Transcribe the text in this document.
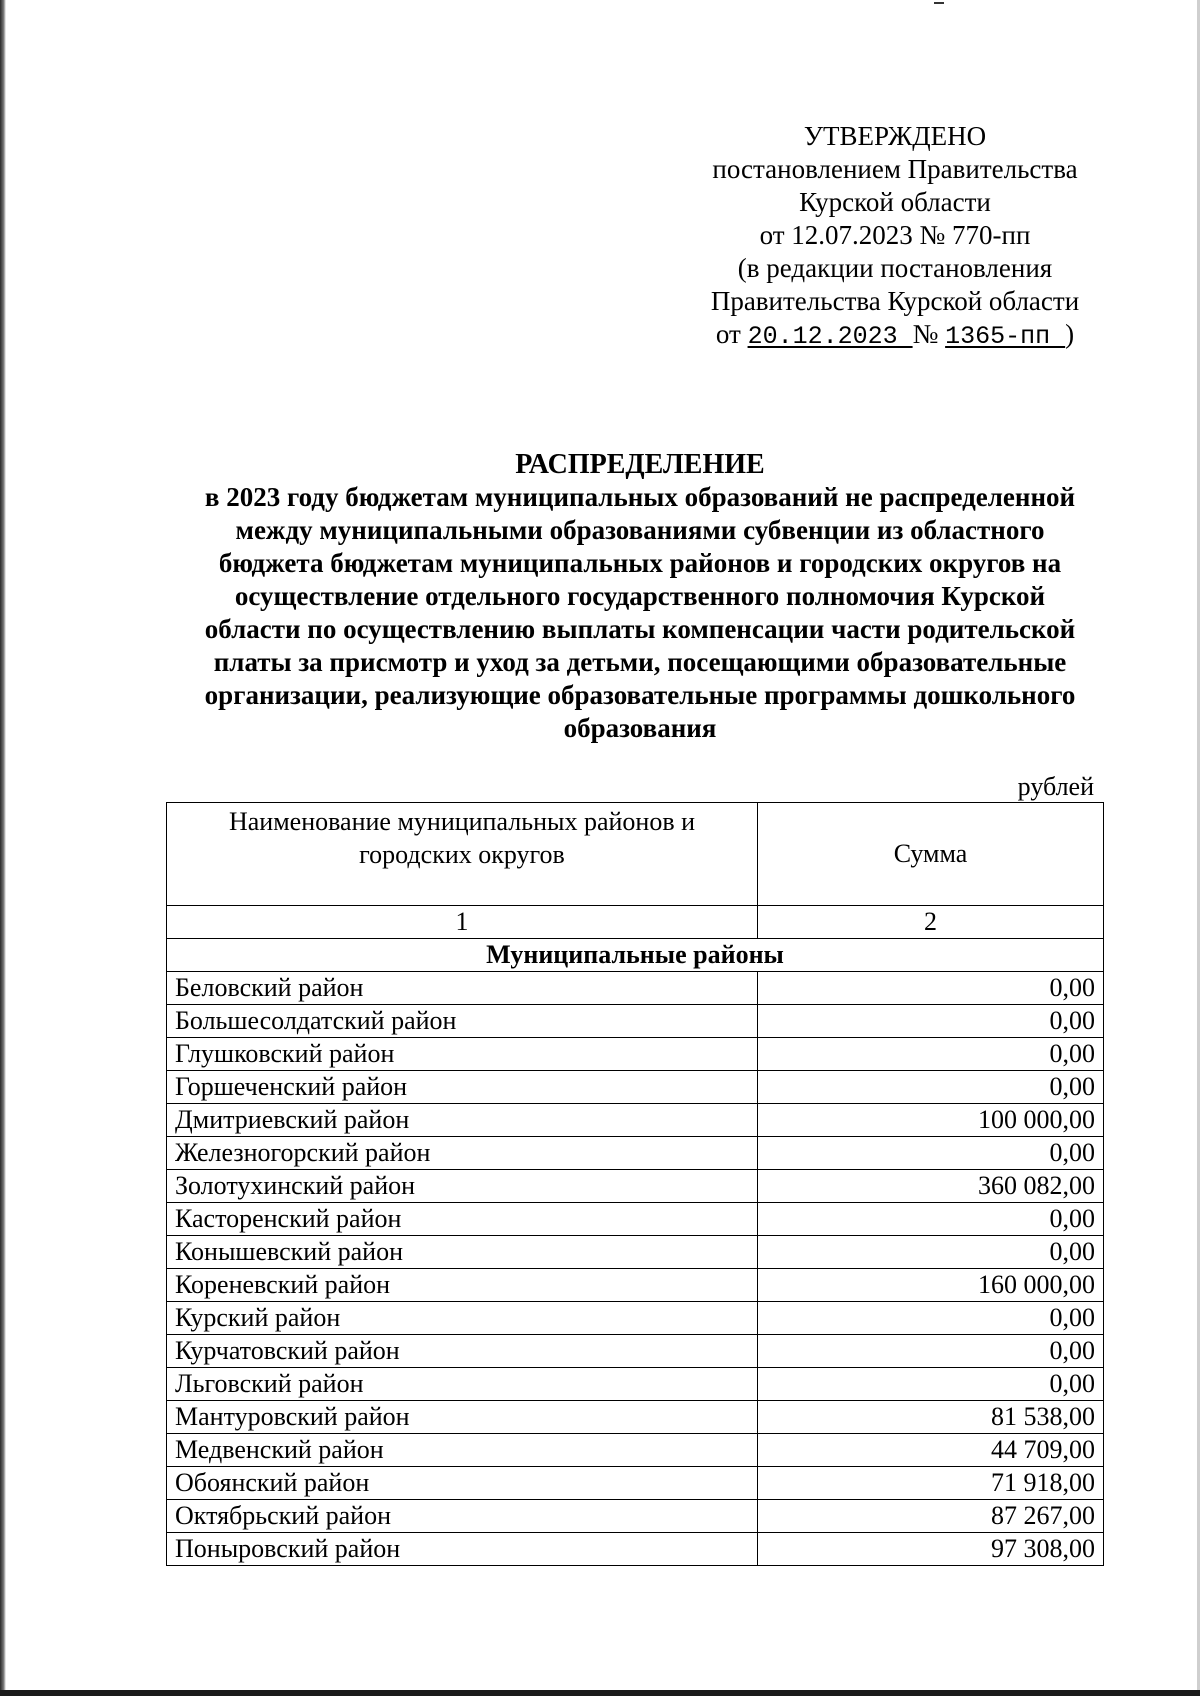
УТВЕРЖДЕНО
постановлением Правительства
Курской области
от 12.07.2023 № 770-пп
(в редакции постановления
Правительства Курской области
от 20.12.2023 № 1365-пп )
РАСПРЕДЕЛЕНИЕ
в 2023 году бюджетам муниципальных образований не распределенной
между муниципальными образованиями субвенции из областного
бюджета бюджетам муниципальных районов и городских округов на
осуществление отдельного государственного полномочия Курской
области по осуществлению выплаты компенсации части родительской
платы за присмотр и уход за детьми, посещающими образовательные
организации, реализующие образовательные программы дошкольного
образования
рублей
Наименование муниципальных районов и
городских округов	Сумма
1	2
Муниципальные районы	
Беловский район	0,00
Большесолдатский район	0,00
Глушковский район	0,00
Горшеченский район	0,00
Дмитриевский район	100 000,00
Железногорский район	0,00
Золотухинский район	360 082,00
Касторенский район	0,00
Конышевский район	0,00
Кореневский район	160 000,00
Курский район	0,00
Курчатовский район	0,00
Льговский район	0,00
Мантуровский район	81 538,00
Медвенский район	44 709,00
Обоянский район	71 918,00
Октябрьский район	87 267,00
Поныровский район	97 308,00
